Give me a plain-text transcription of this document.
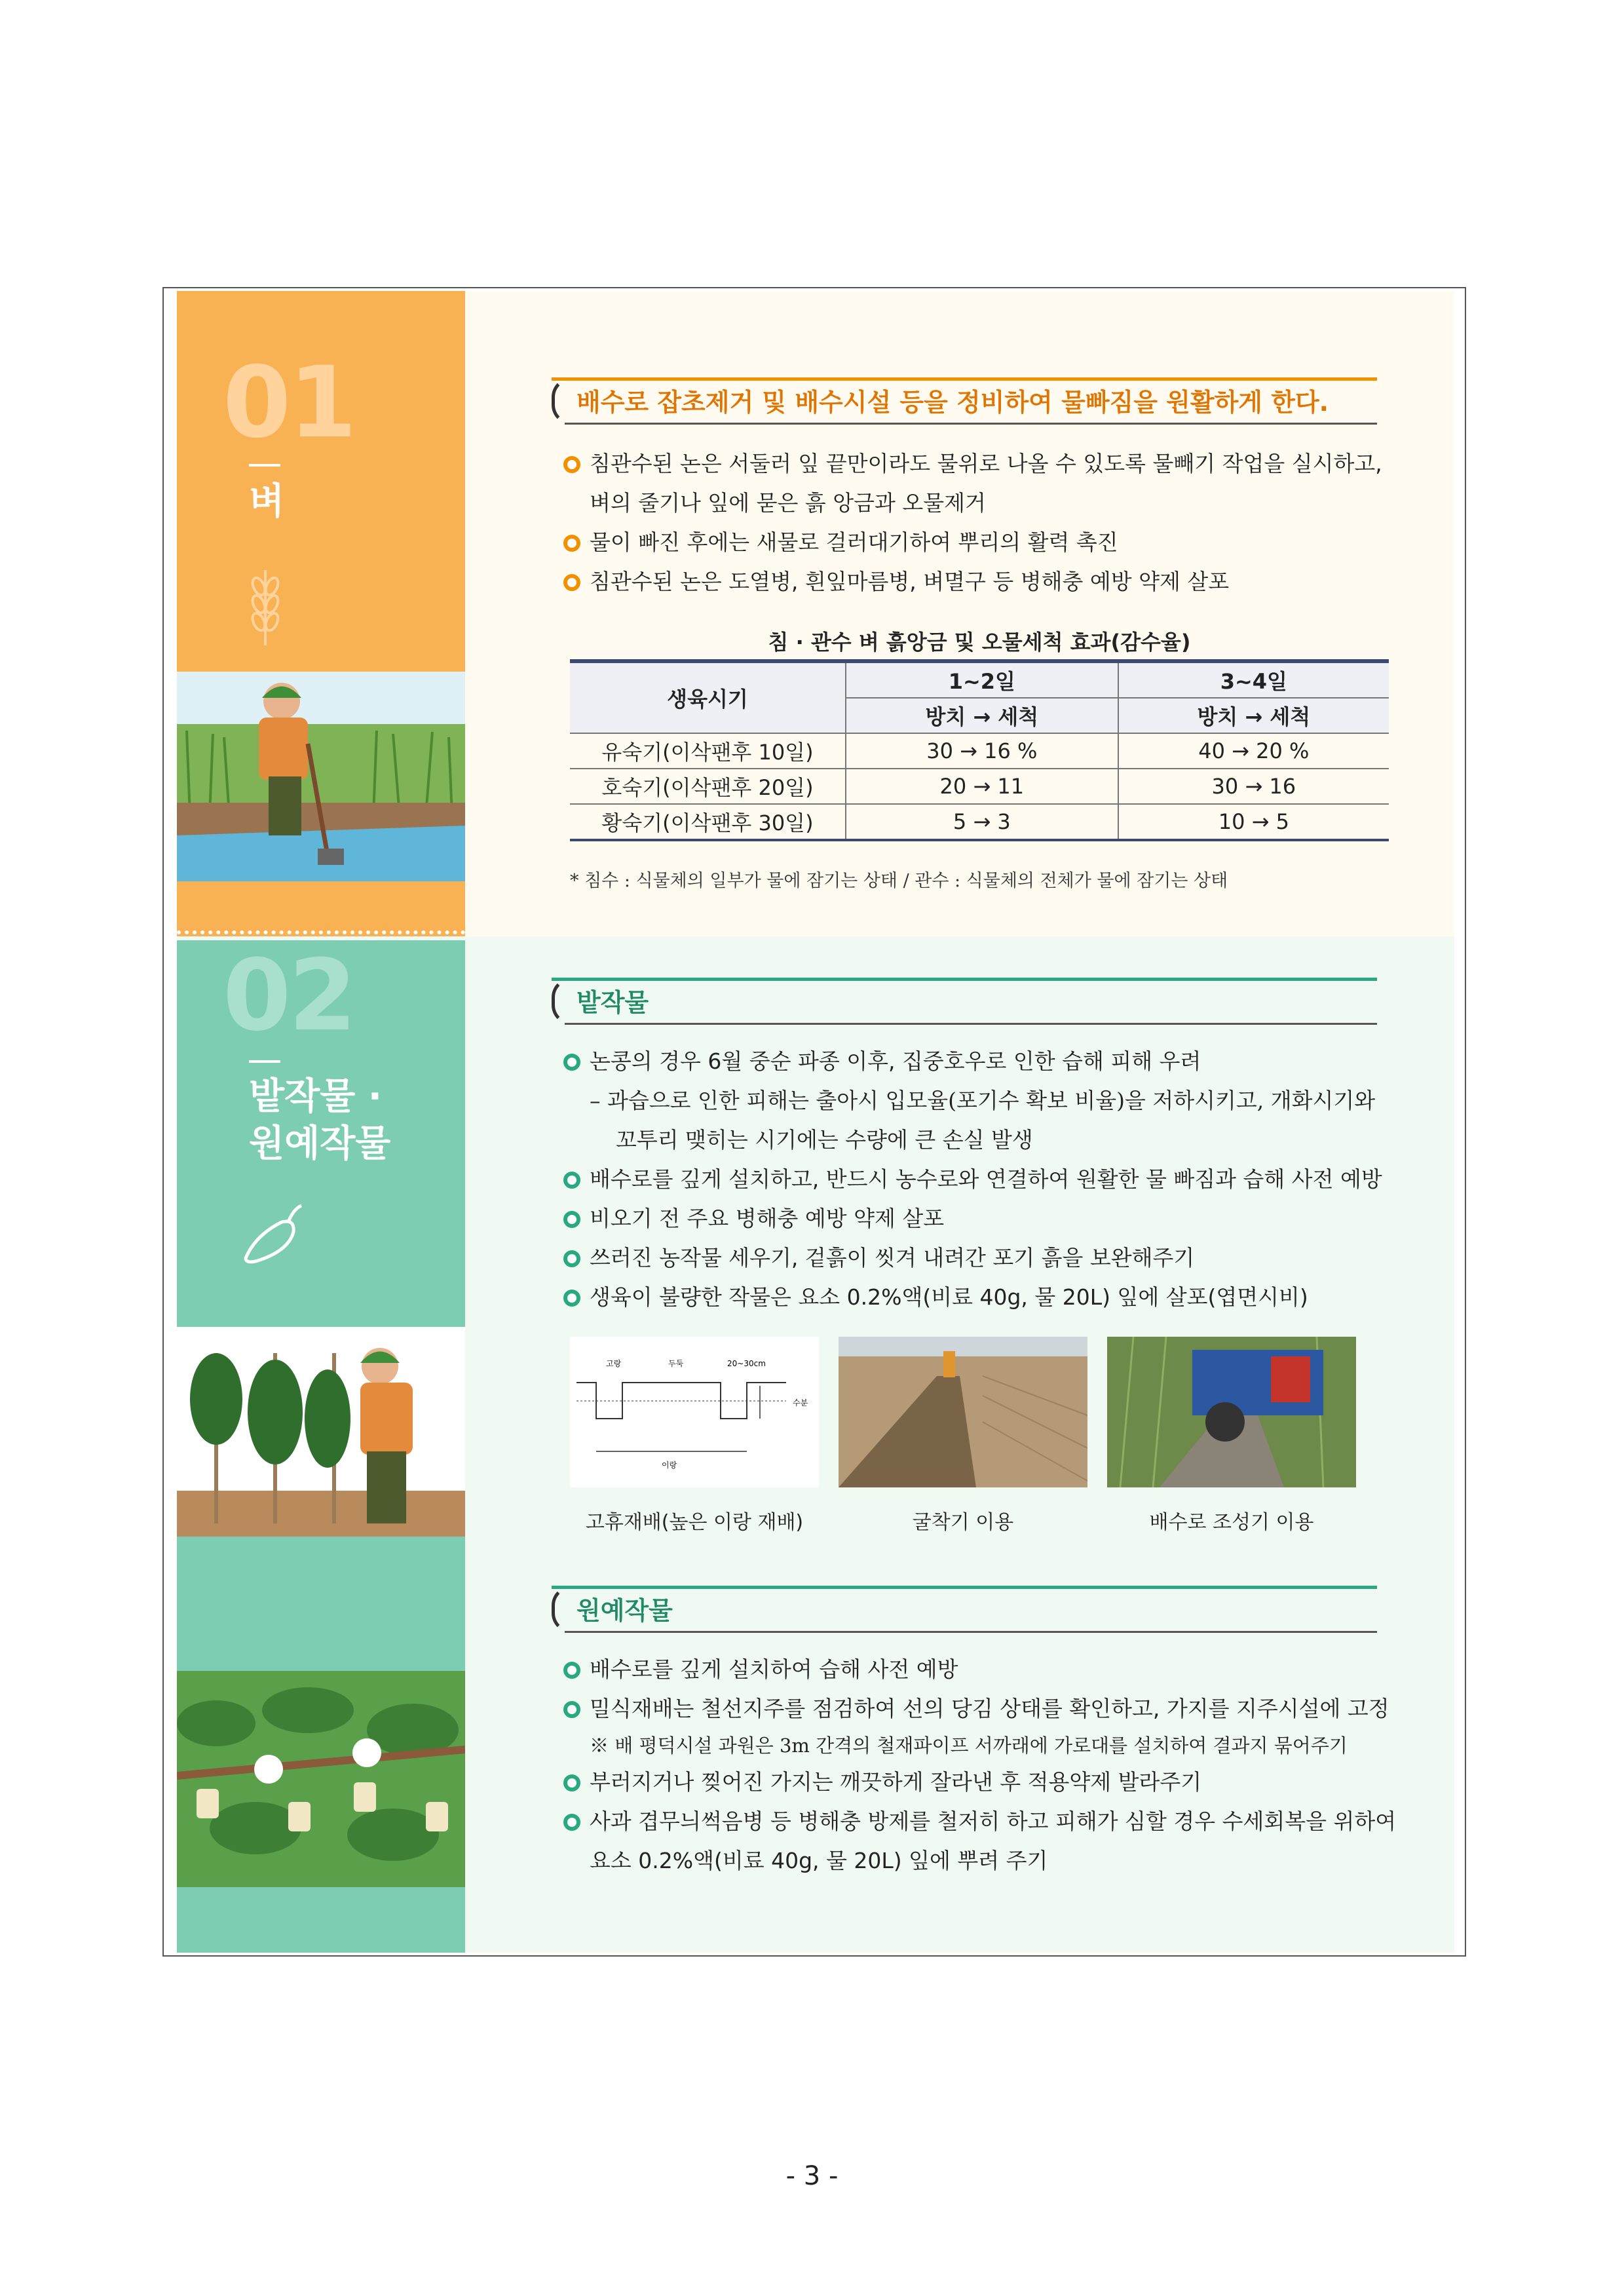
01
벼
02
밭작물 ·
원예작물
배수로 잡초제거 및 배수시설 등을 정비하여 물빠짐을 원활하게 한다.
침관수된 논은 서둘러 잎 끝만이라도 물위로 나올 수 있도록 물빼기 작업을 실시하고,
벼의 줄기나 잎에 묻은 흙 앙금과 오물제거
물이 빠진 후에는 새물로 걸러대기하여 뿌리의 활력 촉진
침관수된 논은 도열병, 흰잎마름병, 벼멸구 등 병해충 예방 약제 살포
침 · 관수 벼 흙앙금 및 오물세척 효과(감수율)
생육시기	1~2일	3~4일
	방치 → 세척	방치 → 세척
유숙기(이삭팬후 10일)	30 → 16 %	40 → 20 %
호숙기(이삭팬후 20일)	20 → 11	30 → 16
황숙기(이삭팬후 30일)	5 → 3	10 → 5
* 침수 : 식물체의 일부가 물에 잠기는 상태 / 관수 : 식물체의 전체가 물에 잠기는 상태
밭작물
논콩의 경우 6월 중순 파종 이후, 집중호우로 인한 습해 피해 우려
– 과습으로 인한 피해는 출아시 입모율(포기수 확보 비율)을 저하시키고, 개화시기와
꼬투리 맺히는 시기에는 수량에 큰 손실 발생
배수로를 깊게 설치하고, 반드시 농수로와 연결하여 원활한 물 빠짐과 습해 사전 예방
비오기 전 주요 병해충 예방 약제 살포
쓰러진 농작물 세우기, 겉흙이 씻겨 내려간 포기 흙을 보완해주기
생육이 불량한 작물은 요소 0.2%액(비료 40g, 물 20L) 잎에 살포(엽면시비)
고랑	두둑	20~30cm
수분
이랑
고휴재배(높은 이랑 재배)	굴착기 이용	배수로 조성기 이용
원예작물
배수로를 깊게 설치하여 습해 사전 예방
밀식재배는 철선지주를 점검하여 선의 당김 상태를 확인하고, 가지를 지주시설에 고정
※ 배 평덕시설 과원은 3m 간격의 철재파이프 서까래에 가로대를 설치하여 결과지 묶어주기
부러지거나 찢어진 가지는 깨끗하게 잘라낸 후 적용약제 발라주기
사과 겹무늬썩음병 등 병해충 방제를 철저히 하고 피해가 심할 경우 수세회복을 위하여
요소 0.2%액(비료 40g, 물 20L) 잎에 뿌려 주기
- 3 -
